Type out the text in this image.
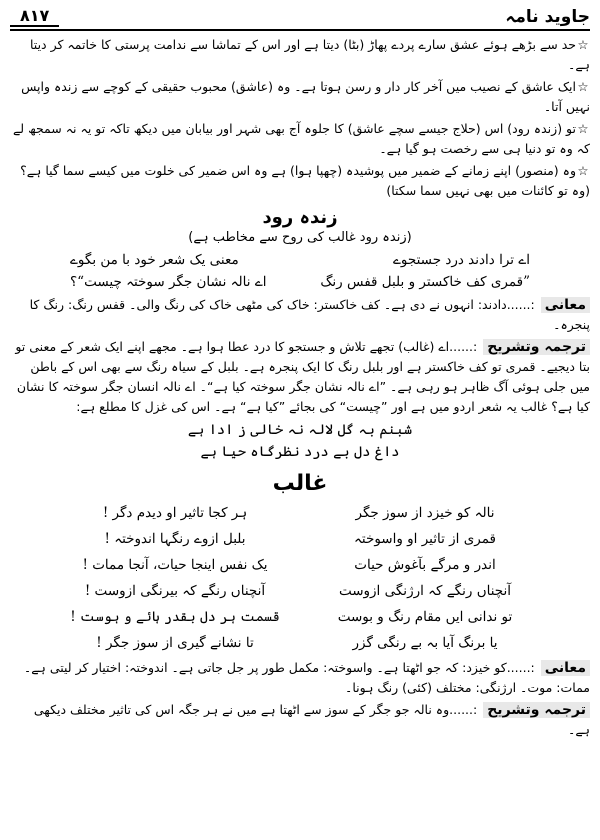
۸۱۷	جاوید نامہ

☆حد سے بڑھے ہوئے عشق سارے پردے پھاڑ (بٹا) دیتا ہے اور اس کے تماشا سے ندامت پرستی کا خاتمہ کر دیتا ہے۔

☆ایک عاشق کے نصیب میں آخر کار دار و رسن ہوتا ہے۔ وہ (عاشق) محبوب حقیقی کے کوچے سے زندہ واپس نہیں آتا۔

☆تو (زندہ رود) اس (حلاج جیسے سچے عاشق) کا جلوہ آج بھی شہر اور بیابان میں دیکھ تاکہ تو یہ نہ سمجھ لے کہ وہ تو دنیا ہی سے رخصت ہو گیا ہے۔

☆وہ (منصور) اپنے زمانے کے ضمیر میں پوشیدہ (چھپا ہوا) ہے وہ اس ضمیر کی خلوت میں کیسے سما گیا ہے؟ (وہ تو کائنات میں بھی نہیں سما سکتا)

زندہ رود
(زندہ رود غالب کی روح سے مخاطب ہے)
اے ترا دادند درد جستجوے
معنی یک شعر خود با من بگوے
”قمری کف خاکستر و بلبل قفس رنگ
اے نالہ نشان جگر سوختہ چیست“؟

معانی:......دادند: انہوں نے دی ہے۔ کف خاکستر: خاک کی مٹھی خاک کی رنگ والی۔ قفس رنگ: رنگ کا پنجرہ۔

ترجمہ وتشریح:......اے (غالب) تجھے تلاش و جستجو کا درد عطا ہوا ہے۔ مجھے اپنے ایک شعر کے معنی تو بتا دیجیے۔ قمری تو کف خاکستر ہے اور بلبل رنگ کا ایک پنجرہ ہے۔ بلبل کے سیاہ رنگ سے بھی اس کے باطن میں جلی ہوئی آگ ظاہر ہو رہی ہے۔ ”اے نالہ نشان جگر سوختہ کیا ہے“۔ اے نالہ انسان جگر سوختہ کا نشان کیا ہے؟ غالب یہ شعر اردو میں ہے اور ”چیست“ کی بجائے ”کیا ہے“ ہے۔ اس کی غزل کا مطلع ہے:

شبنم بہ گل لالہ نہ خالی ز ادا ہے
داغ دل بے درد نظرگاہ حیا ہے
غالب
نالہ کو خیزد از سوز جگر
ہر کجا تاثیر او دیدم دگر !
قمری از تاثیر او واسوختہ
بلبل ازوے رنگہا اندوختہ !
اندر و مرگے بآغوش حیات
یک نفس اینجا حیات، آنجا ممات !
آنچناں رنگے کہ ارژنگی ازوست
آنچناں رنگے کہ بیرنگی ازوست !
تو ندانی ایں مقام رنگ و بوست
قسمت ہر دل بقدر ہائے و ہوست !
یا برنگ آیا بہ بے رنگی گزر
تا نشانے گیری از سوز جگر !

معانی:......کو خیزد: کہ جو اٹھتا ہے۔ واسوختہ: مکمل طور پر جل جاتی ہے۔ اندوختہ: اختیار کر لیتی ہے۔ ممات: موت۔ ارژنگی: مختلف (کئی) رنگ ہونا۔

ترجمہ وتشریح:......وہ نالہ جو جگر کے سوز سے اٹھتا ہے میں نے ہر جگہ اس کی تاثیر مختلف دیکھی ہے۔
